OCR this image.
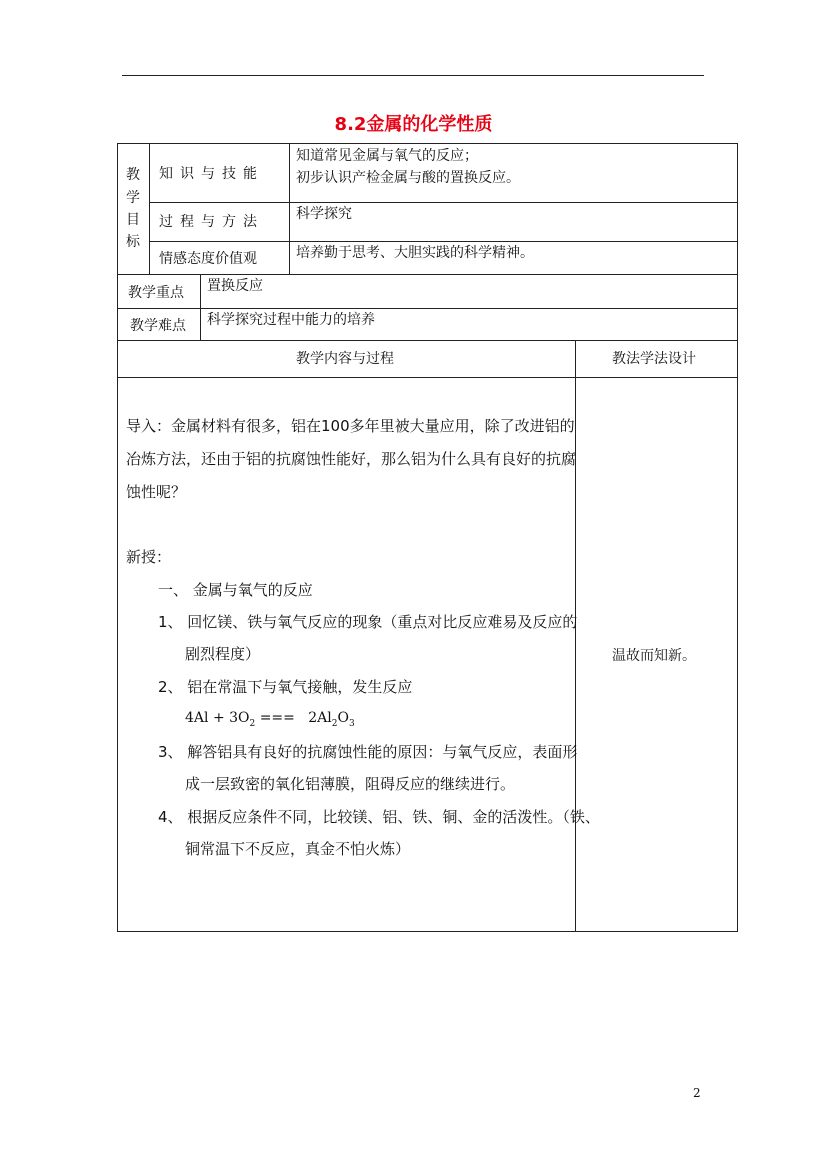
8.2金属的化学性质
教
学
目
标
知识与技能
知道常见金属与氧气的反应；
初步认识产检金属与酸的置换反应。
过程与方法 科学探究
情感态度价值观	培养勤于思考、大胆实践的科学精神。
教学重点 置换反应
教学难点 科学探究过程中能力的培养
教学内容与过程	教法学法设计
导入：金属材料有很多，铝在100多年里被大量应用，除了改进铝的
冶炼方法，还由于铝的抗腐蚀性能好，那么铝为什么具有良好的抗腐
蚀性呢？
新授：
一、 金属与氧气的反应
1、 回忆镁、铁与氧气反应的现象（重点对比反应难易及反应的
剧烈程度）
2、 铝在常温下与氧气接触，发生反应
$4Al + 3O_2$ ===   $2Al_2O_3$
3、 解答铝具有良好的抗腐蚀性能的原因：与氧气反应，表面形
成一层致密的氧化铝薄膜，阻碍反应的继续进行。
4、 根据反应条件不同，比较镁、铝、铁、铜、金的活泼性。（铁、
铜常温下不反应，真金不怕火炼）
温故而知新。
2
